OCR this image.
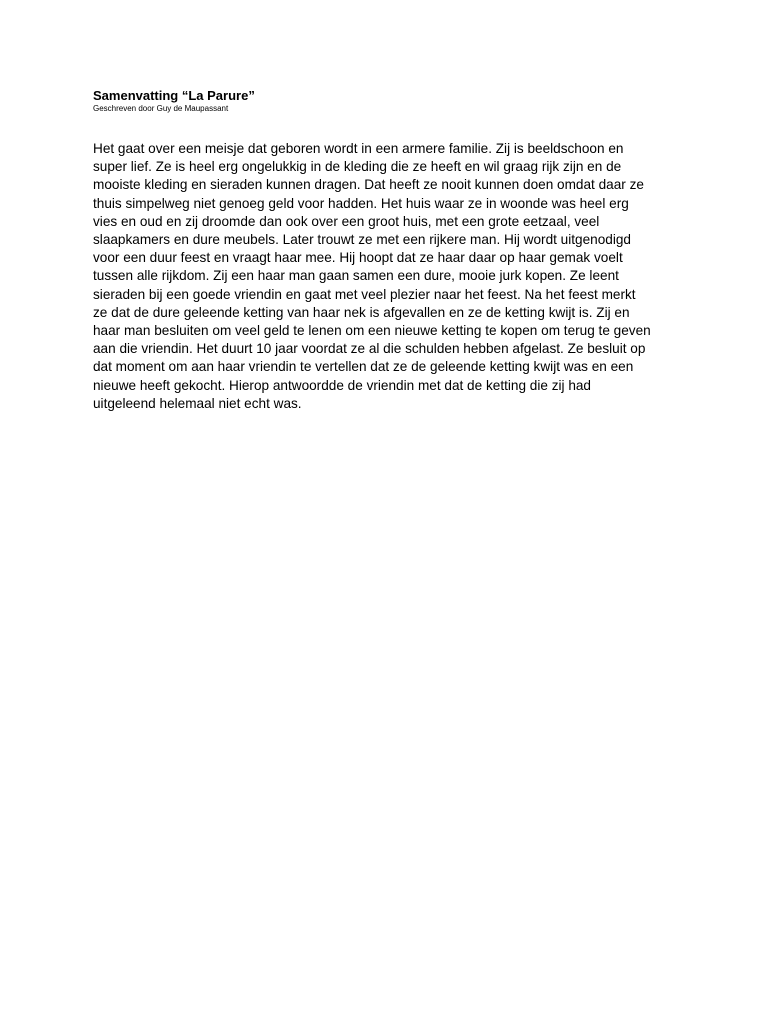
Samenvatting “La Parure”

Geschreven door Guy de Maupassant

Het gaat over een meisje dat geboren wordt in een armere familie. Zij is beeldschoon en
super lief. Ze is heel erg ongelukkig in de kleding die ze heeft en wil graag rijk zijn en de
mooiste kleding en sieraden kunnen dragen. Dat heeft ze nooit kunnen doen omdat daar ze
thuis simpelweg niet genoeg geld voor hadden. Het huis waar ze in woonde was heel erg
vies en oud en zij droomde dan ook over een groot huis, met een grote eetzaal, veel
slaapkamers en dure meubels. Later trouwt ze met een rijkere man. Hij wordt uitgenodigd
voor een duur feest en vraagt haar mee. Hij hoopt dat ze haar daar op haar gemak voelt
tussen alle rijkdom. Zij een haar man gaan samen een dure, mooie jurk kopen. Ze leent
sieraden bij een goede vriendin en gaat met veel plezier naar het feest. Na het feest merkt
ze dat de dure geleende ketting van haar nek is afgevallen en ze de ketting kwijt is. Zij en
haar man besluiten om veel geld te lenen om een nieuwe ketting te kopen om terug te geven
aan die vriendin. Het duurt 10 jaar voordat ze al die schulden hebben afgelast. Ze besluit op
dat moment om aan haar vriendin te vertellen dat ze de geleende ketting kwijt was en een
nieuwe heeft gekocht. Hierop antwoordde de vriendin met dat de ketting die zij had
uitgeleend helemaal niet echt was.
